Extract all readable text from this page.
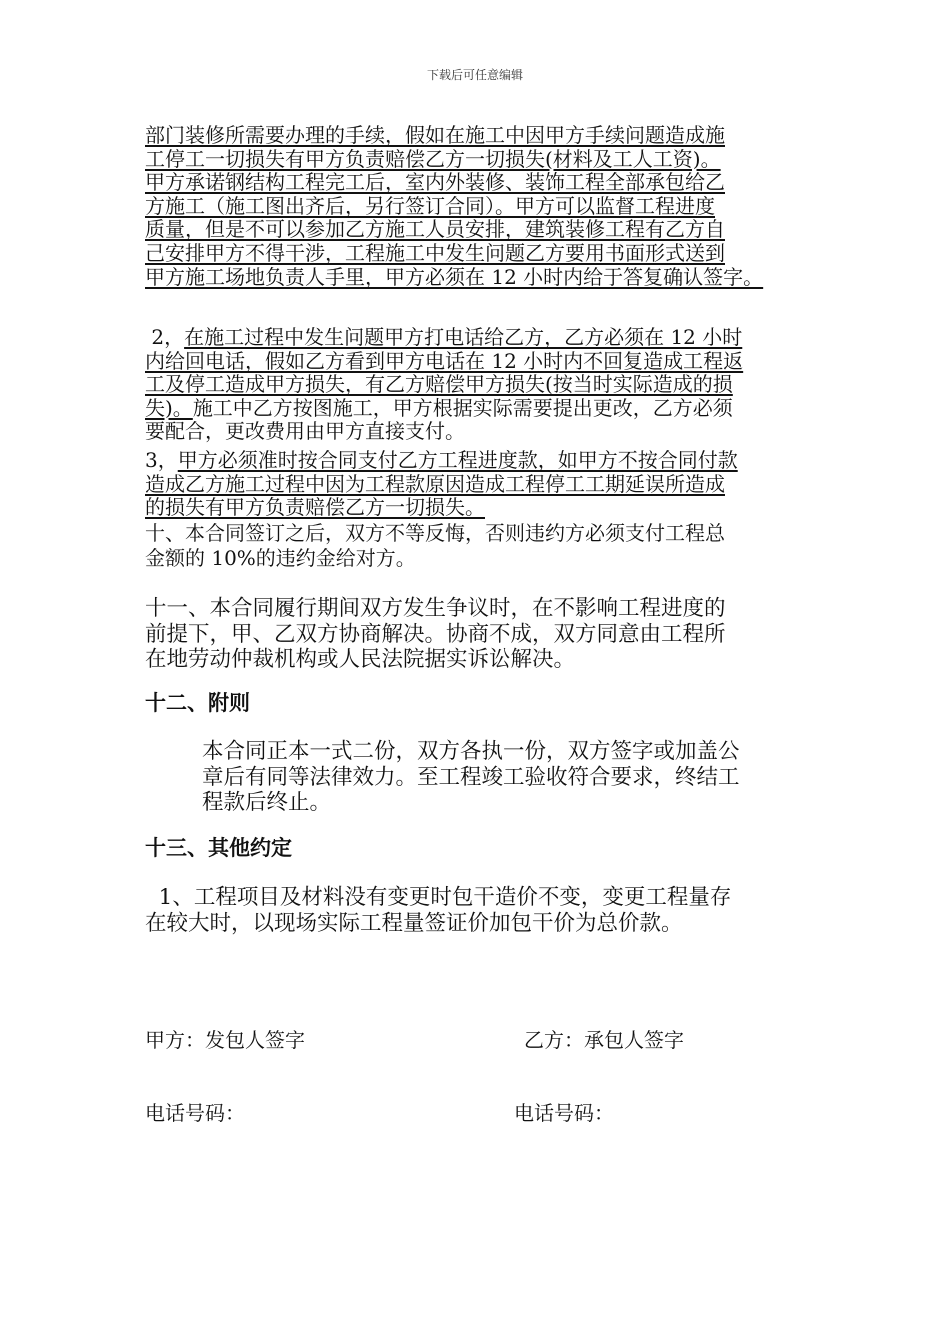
下载后可任意编辑
部门装修所需要办理的手续，假如在施工中因甲方手续问题造成施
工停工一切损失有甲方负责赔偿乙方一切损失(材料及工人工资)。
甲方承诺钢结构工程完工后，室内外装修、装饰工程全部承包给乙
方施工（施工图出齐后，另行签订合同）。甲方可以监督工程进度
质量，但是不可以参加乙方施工人员安排，建筑装修工程有乙方自
己安排甲方不得干涉，工程施工中发生问题乙方要用书面形式送到
甲方施工场地负责人手里，甲方必须在 12 小时内给于答复确认签字。
2，在施工过程中发生问题甲方打电话给乙方，乙方必须在 12 小时
内给回电话，假如乙方看到甲方电话在 12 小时内不回复造成工程返
工及停工造成甲方损失，有乙方赔偿甲方损失(按当时实际造成的损
失)。施工中乙方按图施工，甲方根据实际需要提出更改，乙方必须
要配合，更改费用由甲方直接支付。
3，甲方必须准时按合同支付乙方工程进度款，如甲方不按合同付款
造成乙方施工过程中因为工程款原因造成工程停工工期延误所造成
的损失有甲方负责赔偿乙方一切损失。
十、本合同签订之后，双方不等反悔，否则违约方必须支付工程总
金额的 10%的违约金给对方。
十一、本合同履行期间双方发生争议时，在不影响工程进度的
前提下，甲、乙双方协商解决。协商不成，双方同意由工程所
在地劳动仲裁机构或人民法院据实诉讼解决。
十二、附则
本合同正本一式二份，双方各执一份，双方签字或加盖公
章后有同等法律效力。至工程竣工验收符合要求，终结工
程款后终止。
十三、其他约定
1、工程项目及材料没有变更时包干造价不变，变更工程量存
在较大时，以现场实际工程量签证价加包干价为总价款。
甲方：发包人签字	乙方：承包人签字
电话号码：	电话号码：
